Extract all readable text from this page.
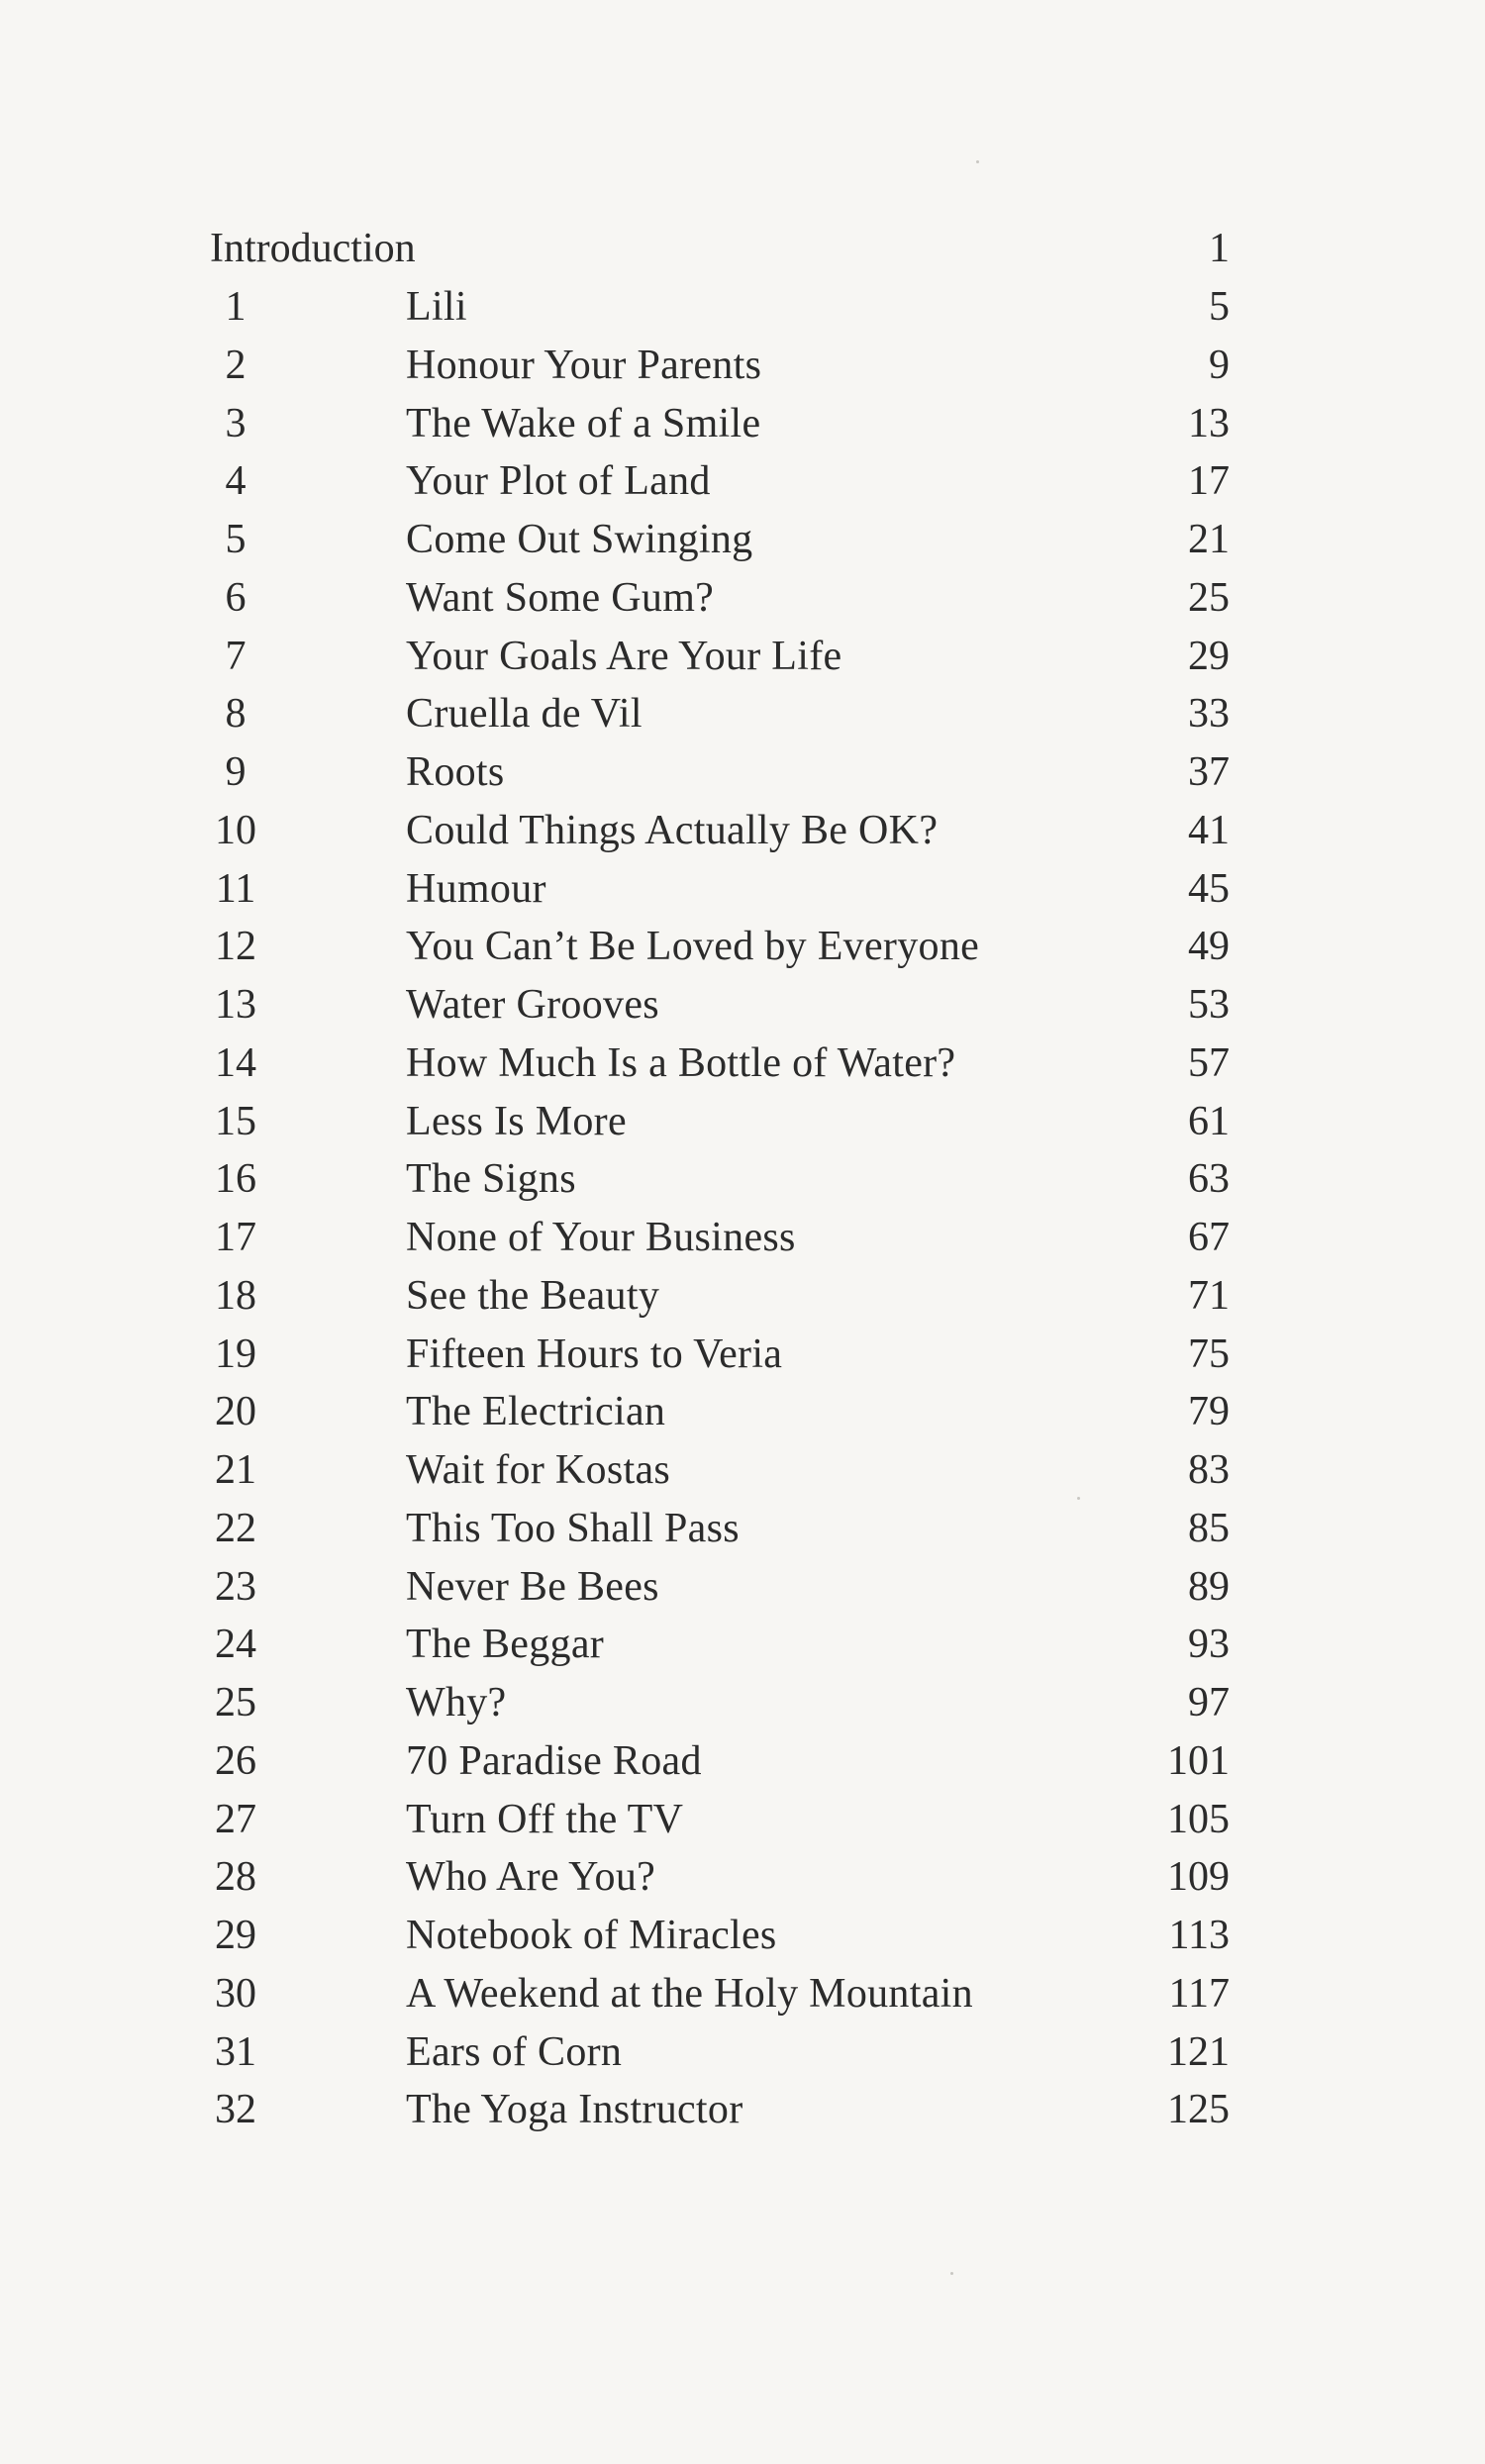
Introduction	1
1	Lili	5
2	Honour Your Parents	9
3	The Wake of a Smile	13
4	Your Plot of Land	17
5	Come Out Swinging	21
6	Want Some Gum?	25
7	Your Goals Are Your Life	29
8	Cruella de Vil	33
9	Roots	37
10	Could Things Actually Be OK?	41
11	Humour	45
12	You Can’t Be Loved by Everyone	49
13	Water Grooves	53
14	How Much Is a Bottle of Water?	57
15	Less Is More	61
16	The Signs	63
17	None of Your Business	67
18	See the Beauty	71
19	Fifteen Hours to Veria	75
20	The Electrician	79
21	Wait for Kostas	83
22	This Too Shall Pass	85
23	Never Be Bees	89
24	The Beggar	93
25	Why?	97
26	70 Paradise Road	101
27	Turn Off the TV	105
28	Who Are You?	109
29	Notebook of Miracles	113
30	A Weekend at the Holy Mountain	117
31	Ears of Corn	121
32	The Yoga Instructor	125
